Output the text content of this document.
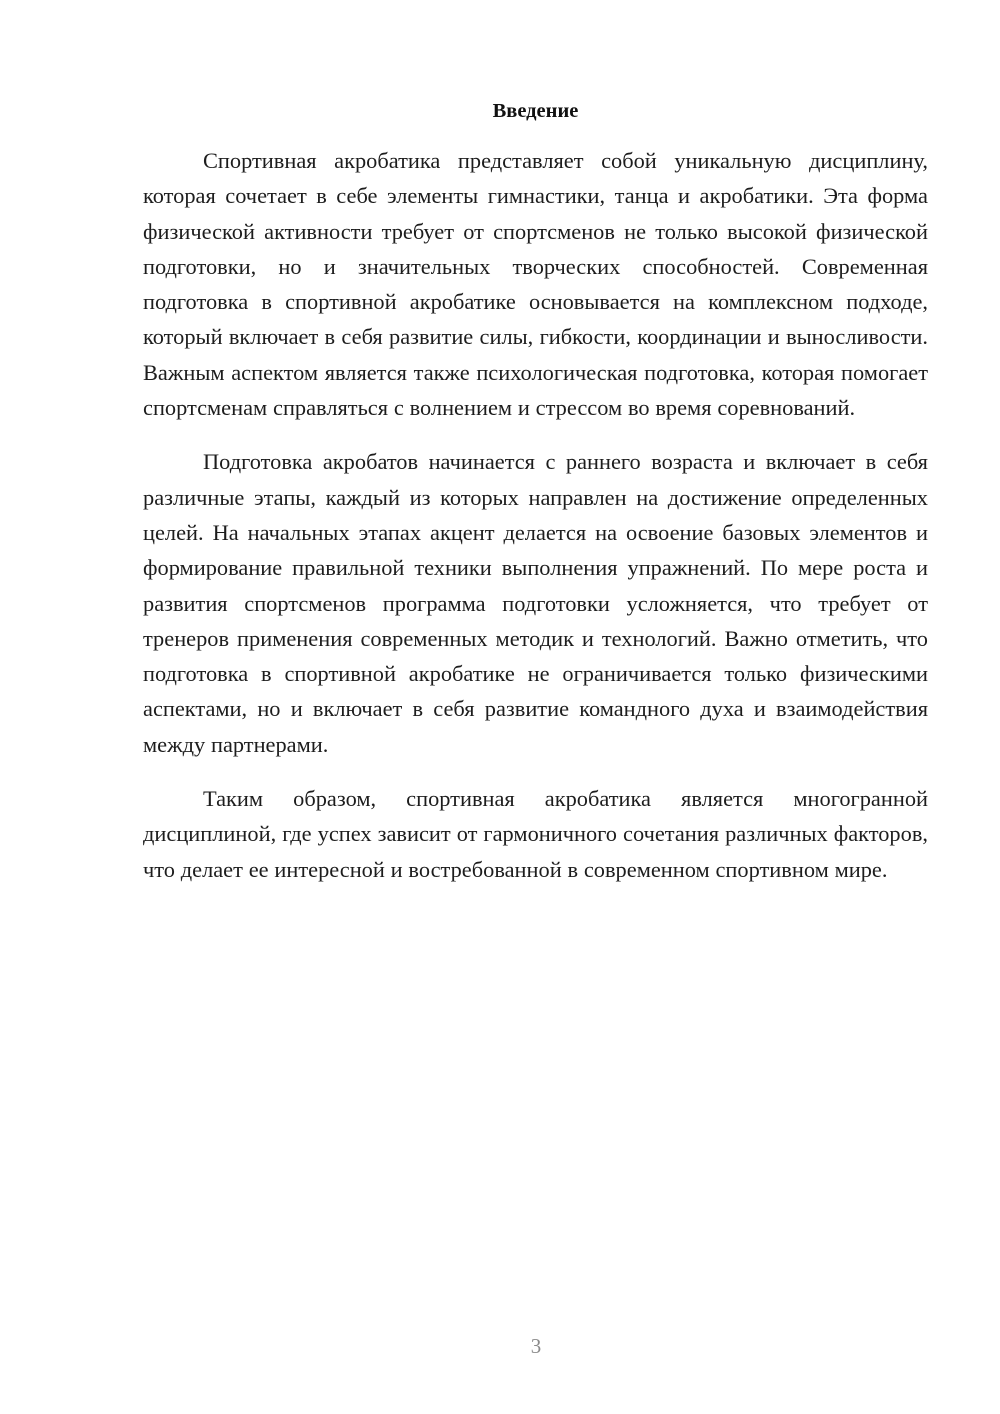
Введение

Спортивная акробатика представляет собой уникальную дисциплину, которая сочетает в себе элементы гимнастики, танца и акробатики. Эта форма физической активности требует от спортсменов не только высокой физической подготовки, но и значительных творческих способностей. Современная подготовка в спортивной акробатике основывается на комплексном подходе, который включает в себя развитие силы, гибкости, координации и выносливости. Важным аспектом является также психологическая подготовка, которая помогает спортсменам справляться с волнением и стрессом во время соревнований.

Подготовка акробатов начинается с раннего возраста и включает в себя различные этапы, каждый из которых направлен на достижение определенных целей. На начальных этапах акцент делается на освоение базовых элементов и формирование правильной техники выполнения упражнений. По мере роста и развития спортсменов программа подготовки усложняется, что требует от тренеров применения современных методик и технологий. Важно отметить, что подготовка в спортивной акробатике не ограничивается только физическими аспектами, но и включает в себя развитие командного духа и взаимодействия между партнерами.

Таким образом, спортивная акробатика является многогранной дисциплиной, где успех зависит от гармоничного сочетания различных факторов, что делает ее интересной и востребованной в современном спортивном мире.

3
